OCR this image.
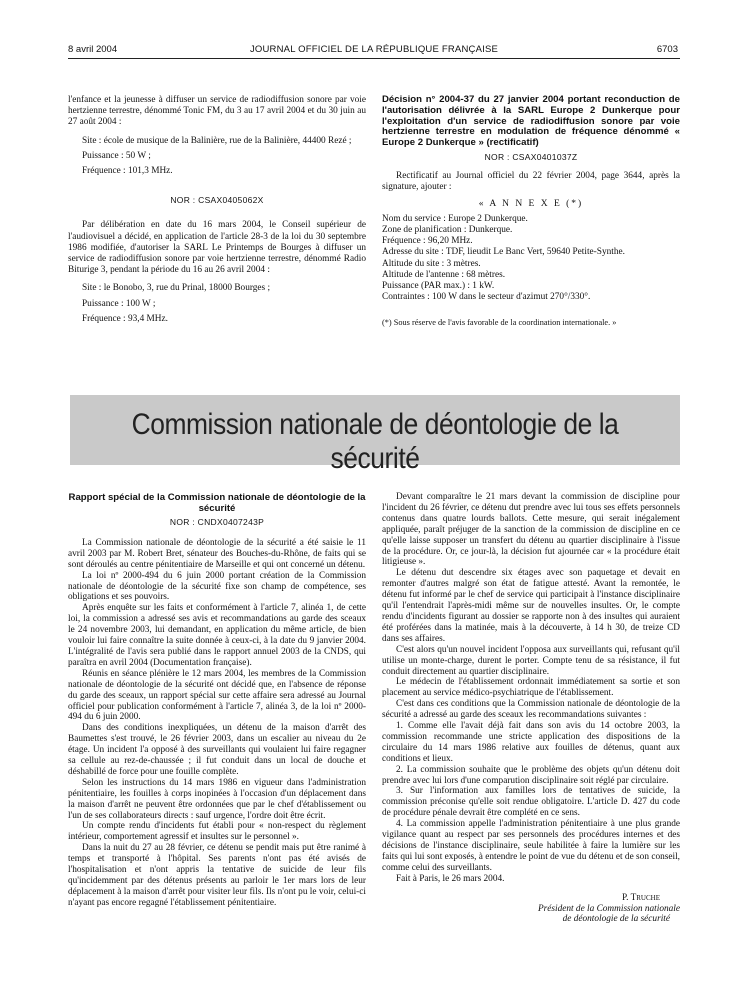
8 avril 2004	JOURNAL OFFICIEL DE LA RÉPUBLIQUE FRANÇAISE	6703

l'enfance et la jeunesse à diffuser un service de radiodiffusion sonore par voie hertzienne terrestre, dénommé Tonic FM, du 3 au 17 avril 2004 et du 30 juin au 27 août 2004 :

Site : école de musique de la Balinière, rue de la Balinière, 44400 Rezé ;

Puissance : 50 W ;

Fréquence : 101,3 MHz.

NOR : CSAX0405062X

Par délibération en date du 16 mars 2004, le Conseil supérieur de l'audiovisuel a décidé, en application de l'article 28-3 de la loi du 30 septembre 1986 modifiée, d'autoriser la SARL Le Printemps de Bourges à diffuser un service de radiodiffusion sonore par voie hertzienne terrestre, dénommé Radio Biturige 3, pendant la période du 16 au 26 avril 2004 :

Site : le Bonobo, 3, rue du Prinal, 18000 Bourges ;

Puissance : 100 W ;

Fréquence : 93,4 MHz.

Décision n° 2004-37 du 27 janvier 2004 portant reconduction de l'autorisation délivrée à la SARL Europe 2 Dunkerque pour l'exploitation d'un service de radiodiffusion sonore par voie hertzienne terrestre en modulation de fréquence dénommé « Europe 2 Dunkerque » (rectificatif)
NOR : CSAX0401037Z

Rectificatif au Journal officiel du 22 février 2004, page 3644, après la signature, ajouter :

« A N N E X E (*)
Nom du service : Europe 2 Dunkerque.
Zone de planification : Dunkerque.
Fréquence : 96,20 MHz.
Adresse du site : TDF, lieudit Le Banc Vert, 59640 Petite-Synthe.
Altitude du site : 3 mètres.
Altitude de l'antenne : 68 mètres.
Puissance (PAR max.) : 1 kW.
Contraintes : 100 W dans le secteur d'azimut 270°/330°.
(*) Sous réserve de l'avis favorable de la coordination internationale. »
Commission nationale de déontologie de la sécurité
Rapport spécial de la Commission nationale de déontologie de la sécurité
NOR : CNDX0407243P

La Commission nationale de déontologie de la sécurité a été saisie le 11 avril 2003 par M. Robert Bret, sénateur des Bouches-du-Rhône, de faits qui se sont déroulés au centre pénitentiaire de Marseille et qui ont concerné un détenu.

La loi nº 2000-494 du 6 juin 2000 portant création de la Commission nationale de déontologie de la sécurité fixe son champ de compétence, ses obligations et ses pouvoirs.

Après enquête sur les faits et conformément à l'article 7, alinéa 1, de cette loi, la commission a adressé ses avis et recommandations au garde des sceaux le 24 novembre 2003, lui demandant, en application du même article, de bien vouloir lui faire connaître la suite donnée à ceux-ci, à la date du 9 janvier 2004. L'intégralité de l'avis sera publié dans le rapport annuel 2003 de la CNDS, qui paraîtra en avril 2004 (Documentation française).

Réunis en séance plénière le 12 mars 2004, les membres de la Commission nationale de déontologie de la sécurité ont décidé que, en l'absence de réponse du garde des sceaux, un rapport spécial sur cette affaire sera adressé au Journal officiel pour publication conformément à l'article 7, alinéa 3, de la loi nº 2000-494 du 6 juin 2000.

Dans des conditions inexpliquées, un détenu de la maison d'arrêt des Baumettes s'est trouvé, le 26 février 2003, dans un escalier au niveau du 2e étage. Un incident l'a opposé à des surveillants qui voulaient lui faire regagner sa cellule au rez-de-chaussée ; il fut conduit dans un local de douche et déshabillé de force pour une fouille complète.

Selon les instructions du 14 mars 1986 en vigueur dans l'administration pénitentiaire, les fouilles à corps inopinées à l'occasion d'un déplacement dans la maison d'arrêt ne peuvent être ordonnées que par le chef d'établissement ou l'un de ses collaborateurs directs : sauf urgence, l'ordre doit être écrit.

Un compte rendu d'incidents fut établi pour « non-respect du règlement intérieur, comportement agressif et insultes sur le personnel ».

Dans la nuit du 27 au 28 février, ce détenu se pendit mais put être ranimé à temps et transporté à l'hôpital. Ses parents n'ont pas été avisés de l'hospitalisation et n'ont appris la tentative de suicide de leur fils qu'incidemment par des détenus présents au parloir le 1er mars lors de leur déplacement à la maison d'arrêt pour visiter leur fils. Ils n'ont pu le voir, celui-ci n'ayant pas encore regagné l'établissement pénitentiaire.

Devant comparaître le 21 mars devant la commission de discipline pour l'incident du 26 février, ce détenu dut prendre avec lui tous ses effets personnels contenus dans quatre lourds ballots. Cette mesure, qui serait inégalement appliquée, paraît préjuger de la sanction de la commission de discipline en ce qu'elle laisse supposer un transfert du détenu au quartier disciplinaire à l'issue de la procédure. Or, ce jour-là, la décision fut ajournée car « la procédure était litigieuse ».

Le détenu dut descendre six étages avec son paquetage et devait en remonter d'autres malgré son état de fatigue attesté. Avant la remontée, le détenu fut informé par le chef de service qui participait à l'instance disciplinaire qu'il l'entendrait l'après-midi même sur de nouvelles insultes. Or, le compte rendu d'incidents figurant au dossier se rapporte non à des insultes qui auraient été proférées dans la matinée, mais à la découverte, à 14 h 30, de treize CD dans ses affaires.

C'est alors qu'un nouvel incident l'opposa aux surveillants qui, refusant qu'il utilise un monte-charge, durent le porter. Compte tenu de sa résistance, il fut conduit directement au quartier disciplinaire.

Le médecin de l'établissement ordonnait immédiatement sa sortie et son placement au service médico-psychiatrique de l'établissement.

C'est dans ces conditions que la Commission nationale de déontologie de la sécurité a adressé au garde des sceaux les recommandations suivantes :

1. Comme elle l'avait déjà fait dans son avis du 14 octobre 2003, la commission recommande une stricte application des dispositions de la circulaire du 14 mars 1986 relative aux fouilles de détenus, quant aux conditions et lieux.

2. La commission souhaite que le problème des objets qu'un détenu doit prendre avec lui lors d'une comparution disciplinaire soit réglé par circulaire.

3. Sur l'information aux familles lors de tentatives de suicide, la commission préconise qu'elle soit rendue obligatoire. L'article D. 427 du code de procédure pénale devrait être complété en ce sens.

4. La commission appelle l'administration pénitentiaire à une plus grande vigilance quant au respect par ses personnels des procédures internes et des décisions de l'instance disciplinaire, seule habilitée à faire la lumière sur les faits qui lui sont exposés, à entendre le point de vue du détenu et de son conseil, comme celui des surveillants.

Fait à Paris, le 26 mars 2004.

P. Truche
Président de la Commission nationale
de déontologie de la sécurité
